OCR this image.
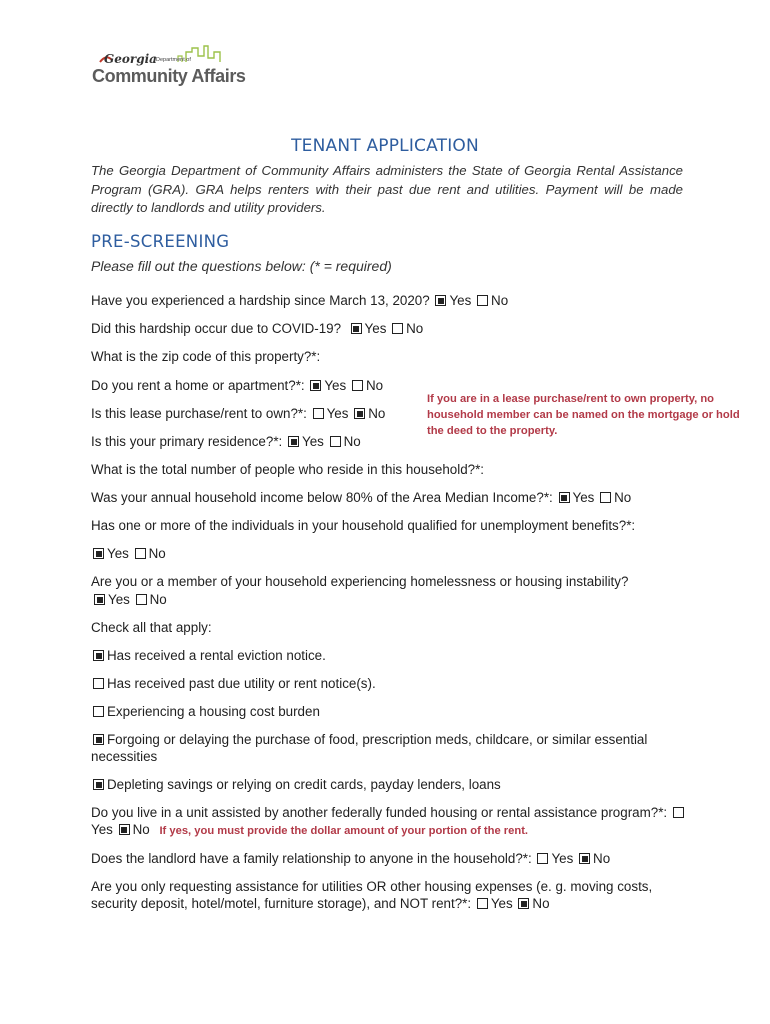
Georgia Department of
Community Affairs
TENANT APPLICATION
The Georgia Department of Community Affairs administers the State of Georgia Rental Assistance Program (GRA). GRA helps renters with their past due rent and utilities. Payment will be made directly to landlords and utility providers.
PRE-SCREENING
Please fill out the questions below: (* = required)
Have you experienced a hardship since March 13, 2020? Yes No
Did this hardship occur due to COVID-19? Yes No
What is the zip code of this property?*:
Do you rent a home or apartment?*: Yes No
Is this lease purchase/rent to own?*: Yes No
Is this your primary residence?*: Yes No
If you are in a lease purchase/rent to own property, no household member can be named on the mortgage or hold the deed to the property.
What is the total number of people who reside in this household?*:
Was your annual household income below 80% of the Area Median Income?*: Yes No
Has one or more of the individuals in your household qualified for unemployment benefits?*:
Yes No
Are you or a member of your household experiencing homelessness or housing instability?
Yes No
Check all that apply:
Has received a rental eviction notice.
Has received past due utility or rent notice(s).
Experiencing a housing cost burden
Forgoing or delaying the purchase of food, prescription meds, childcare, or similar essential necessities
Depleting savings or relying on credit cards, payday lenders, loans
Do you live in a unit assisted by another federally funded housing or rental assistance program?*: Yes No If yes, you must provide the dollar amount of your portion of the rent.
Does the landlord have a family relationship to anyone in the household?*: Yes No
Are you only requesting assistance for utilities OR other housing expenses (e. g. moving costs, security deposit, hotel/motel, furniture storage), and NOT rent?*: Yes No
